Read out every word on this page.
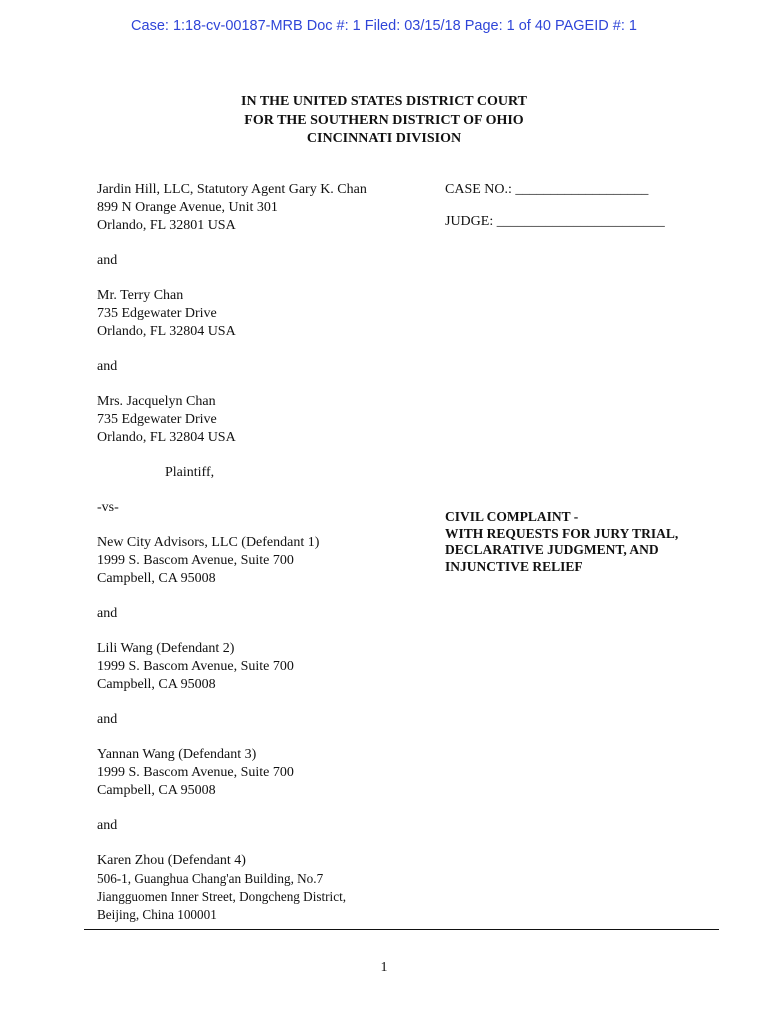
Case: 1:18-cv-00187-MRB Doc #: 1 Filed: 03/15/18 Page: 1 of 40 PAGEID #: 1
IN THE UNITED STATES DISTRICT COURT
FOR THE SOUTHERN DISTRICT OF OHIO
CINCINNATI DIVISION
Jardin Hill, LLC, Statutory Agent Gary K. Chan
899 N Orange Avenue, Unit 301
Orlando, FL 32801 USA
and
Mr. Terry Chan
735 Edgewater Drive
Orlando, FL 32804 USA
and
Mrs. Jacquelyn Chan
735 Edgewater Drive
Orlando, FL 32804 USA
Plaintiff,
-vs-
New City Advisors, LLC (Defendant 1)
1999 S. Bascom Avenue, Suite 700
Campbell, CA 95008
and
Lili Wang (Defendant 2)
1999 S. Bascom Avenue, Suite 700
Campbell, CA 95008
and
Yannan Wang (Defendant 3)
1999 S. Bascom Avenue, Suite 700
Campbell, CA 95008
and
Karen Zhou (Defendant 4)
506-1, Guanghua Chang'an Building, No.7
Jiangguomen Inner Street, Dongcheng District,
Beijing, China 100001
CASE NO.: ___________________
JUDGE: ________________________
CIVIL COMPLAINT -
WITH REQUESTS FOR JURY TRIAL,
DECLARATIVE JUDGMENT, AND
INJUNCTIVE RELIEF
1
